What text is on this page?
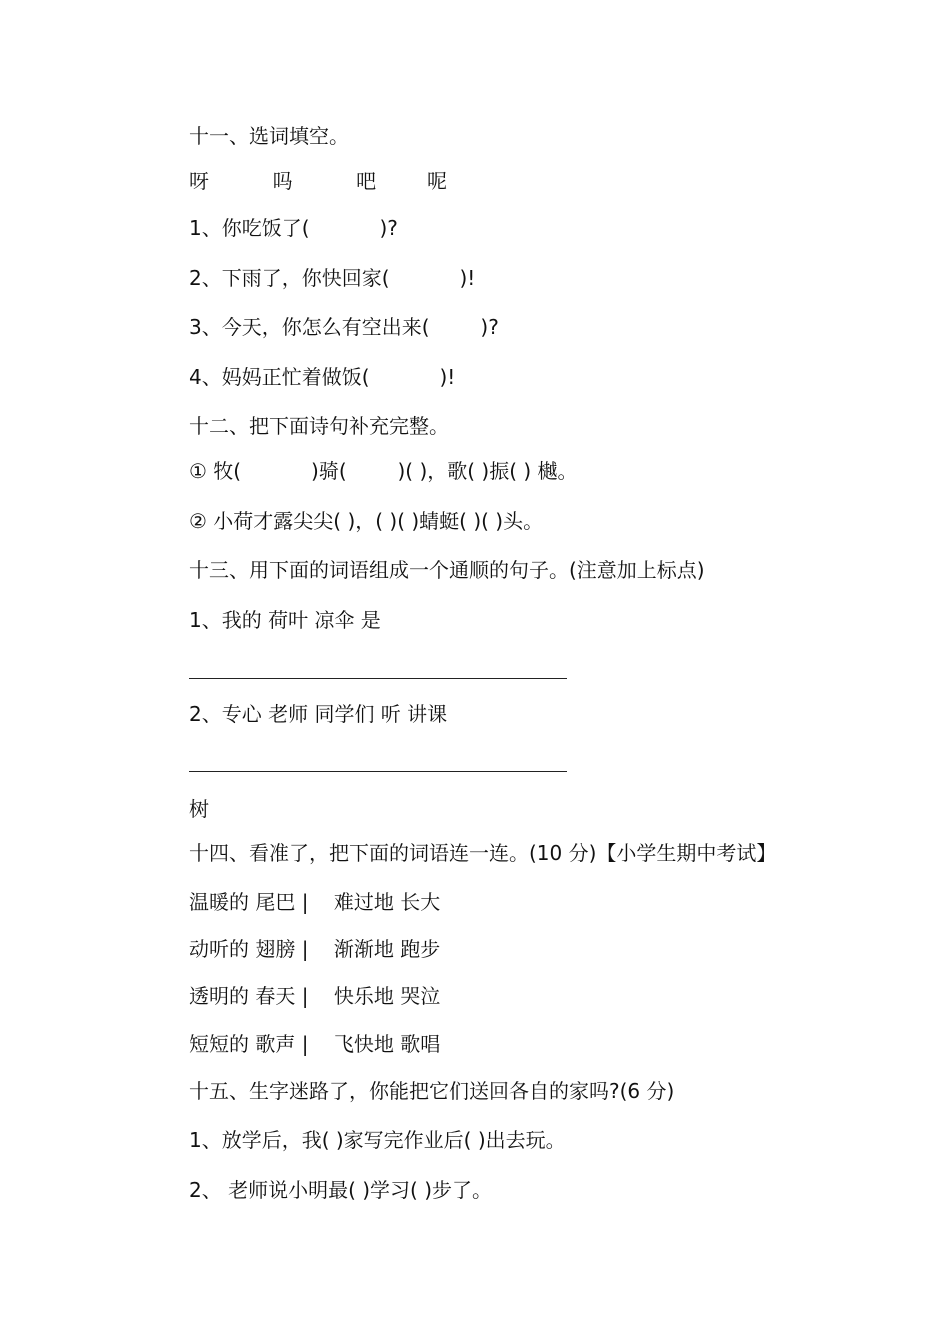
十一、选词填空。
呀          吗          吧        呢
1、你吃饭了(           )?
2、下雨了，你快回家(           )!
3、今天，你怎么有空出来(        )?
4、妈妈正忙着做饭(           )!
十二、把下面诗句补充完整。
① 牧(           )骑(        )( )，歌( )振( ) 樾。
② 小荷才露尖尖( )，( )( )蜻蜓( )( )头。
十三、用下面的词语组成一个通顺的句子。(注意加上标点)
1、我的 荷叶 凉伞 是
2、专心 老师 同学们 听 讲课
树
十四、看准了，把下面的词语连一连。(10 分)【小学生期中考试】
温暖的 尾巴 |    难过地 长大
动听的 翅膀 |    渐渐地 跑步
透明的 春天 |    快乐地 哭泣
短短的 歌声 |    飞快地 歌唱
十五、生字迷路了，你能把它们送回各自的家吗?(6 分)
1、放学后，我( )家写完作业后( )出去玩。
2、 老师说小明最( )学习( )步了。
